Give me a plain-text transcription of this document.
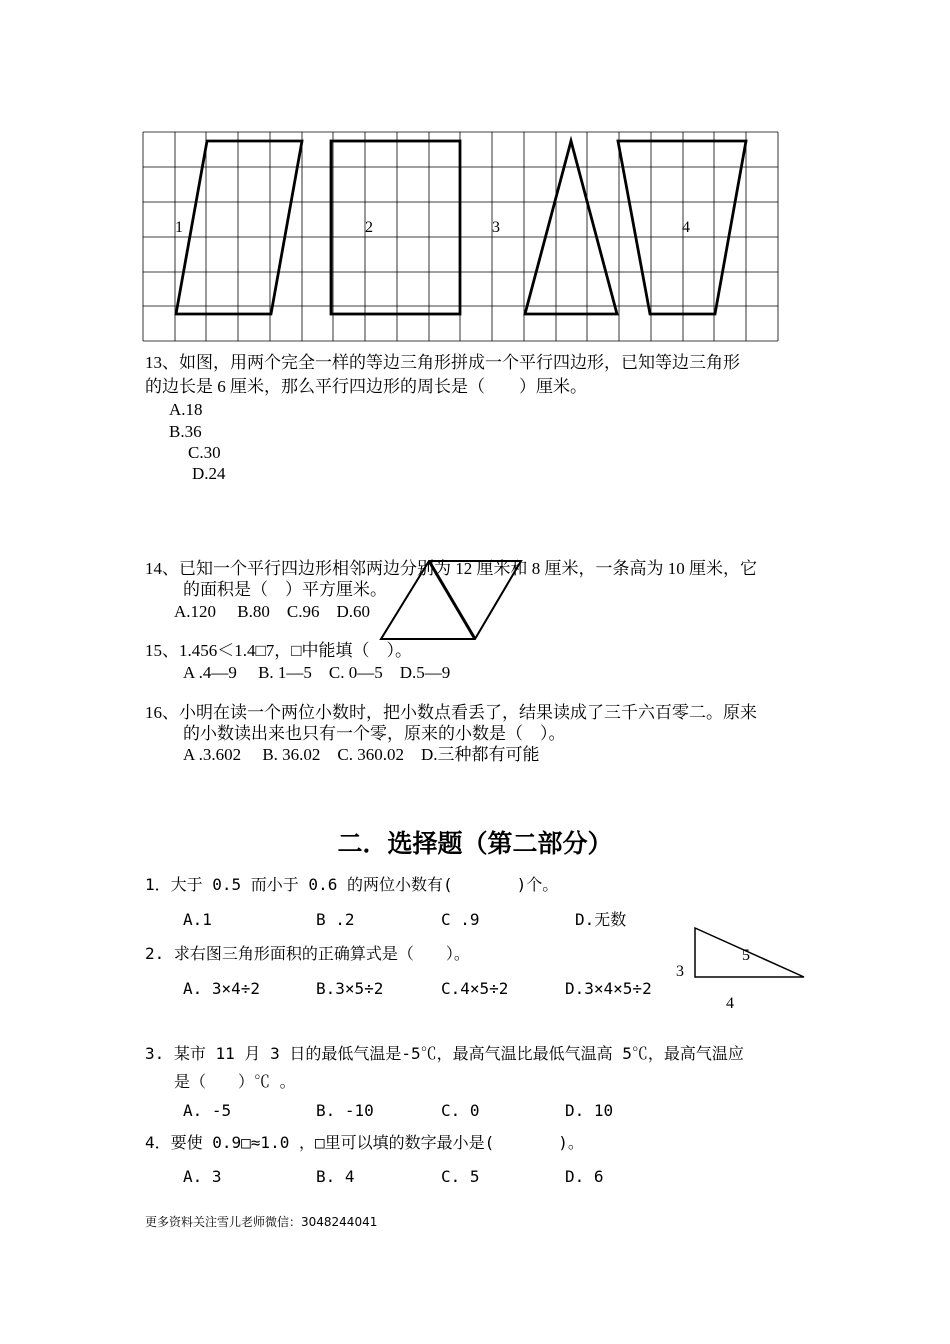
1	2	3	4
13、如图，用两个完全一样的等边三角形拼成一个平行四边形，已知等边三角形
的边长是 6 厘米，那么平行四边形的周长是（　　）厘米。
A.18
B.36
C.30
D.24
14、已知一个平行四边形相邻两边分别为 12 厘米和 8 厘米，一条高为 10 厘米，它
的面积是（　）平方厘米。
A.120　 B.80　C.96　D.60
15、1.456＜1.4□7，□中能填（　）。
A .4—9　 B. 1—5　C. 0—5　D.5—9
16、小明在读一个两位小数时，把小数点看丢了，结果读成了三千六百零二。原来
的小数读出来也只有一个零，原来的小数是（　）。
A .3.602　 B. 36.02　C. 360.02　D.三种都有可能
二．选择题（第二部分）
1．大于 0.5 而小于 0.6 的两位小数有(　　　　)个。
A.1	B .2	C .9	D.无数
2. 求右图三角形面积的正确算式是（　　）。
A. 3×4÷2	B.3×5÷2	C.4×5÷2	D.3×4×5÷2
5
3
4
3. 某市 11 月 3 日的最低气温是-5℃，最高气温比最低气温高 5℃，最高气温应
是（　　）℃ 。
A. -5	B. -10	C. 0	D. 10
4．要使 0.9□≈1.0 ，□里可以填的数字最小是(　　　　)。
A. 3	B. 4	C. 5	D. 6
更多资料关注雪儿老师微信：3048244041
